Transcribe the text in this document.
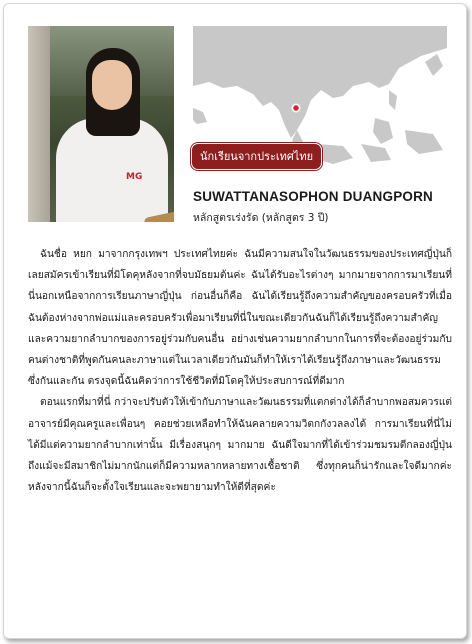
MG
นักเรียนจากประเทศไทย
SUWATTANASOPHON DUANGPORN
หลักสูตรเร่งรัด (หลักสูตร 3 ปี)

ฉันชื่อ หยก มาจากกรุงเทพฯ ประเทศไทยค่ะ ฉันมีความสนใจในวัฒนธรรมของประเทศญี่ปุ่นก็เลยสมัครเข้าเรียนที่มิโดคุหลังจากที่จบมัธยมต้นค่ะ ฉันได้รับอะไรต่างๆ มากมายจากการมาเรียนที่นี่นอกเหนือจากการเรียนภาษาญี่ปุ่น ก่อนอื่นก็คือ ฉันได้เรียนรู้ถึงความสำคัญของครอบครัวที่เมื่อฉันต้องห่างจากพ่อแม่และครอบครัวเพื่อมาเรียนที่นี่ในขณะเดียวกันฉันก็ได้เรียนรู้ถึงความสำคัญและความยากลำบากของการอยู่ร่วมกับคนอื่น อย่างเช่นความยากลำบากในการที่จะต้องอยู่ร่วมกับคนต่างชาติที่พูดกันคนละภาษาแต่ในเวลาเดียวกันมันก็ทำให้เราได้เรียนรู้ถึงภาษาและวัฒนธรรมซึ่งกันและกัน ตรงจุดนี้ฉันคิดว่าการใช้ชีวิตที่มิโดคุให้ประสบการณ์ที่ดีมาก

ตอนแรกที่มาที่นี่ กว่าจะปรับตัวให้เข้ากับภาษาและวัฒนธรรมที่แตกต่างได้ก็ลำบากพอสมควรแต่อาจารย์มีคุณครูและเพื่อนๆ คอยช่วยเหลือทำให้ฉันคลายความวิตกกังวลลงได้ การมาเรียนที่นี่ไม่ได้มีแต่ความยากลำบากเท่านั้น มีเรื่องสนุกๆ มากมาย ฉันดีใจมากที่ได้เข้าร่วมชมรมตีกลองญี่ปุ่น ถึงแม้จะมีสมาชิกไม่มากนักแต่ก็มีความหลากหลายทางเชื้อชาติ ซึ่งทุกคนก็น่ารักและใจดีมากค่ะ หลังจากนี้ฉันก็จะตั้งใจเรียนและจะพยายามทำให้ดีที่สุดค่ะ
